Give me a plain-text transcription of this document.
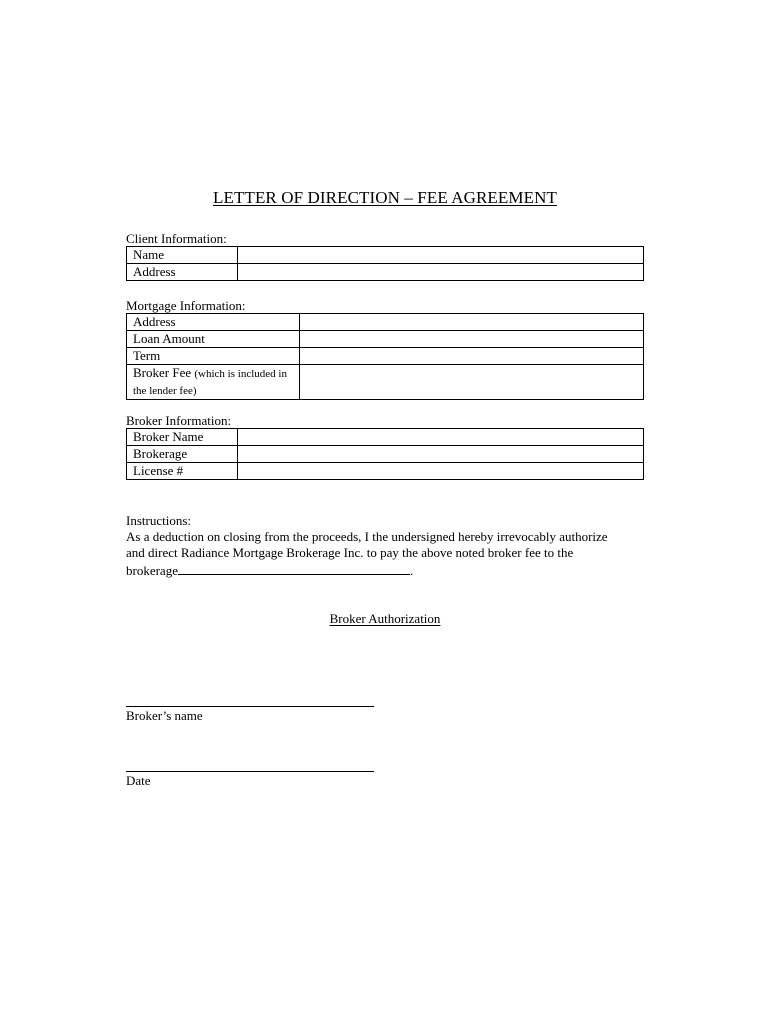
LETTER OF DIRECTION – FEE AGREEMENT
Client Information:
Name	
Address	
Mortgage Information:
Address	
Loan Amount	
Term	
Broker Fee (which is included in the lender fee)	
Broker Information:
Broker Name	
Brokerage	
License #	
Instructions:
As a deduction on closing from the proceeds, I the undersigned hereby irrevocably authorize
and direct Radiance Mortgage Brokerage Inc. to pay the above noted broker fee to the
brokerage	.
Broker Authorization
Broker’s name
Date
